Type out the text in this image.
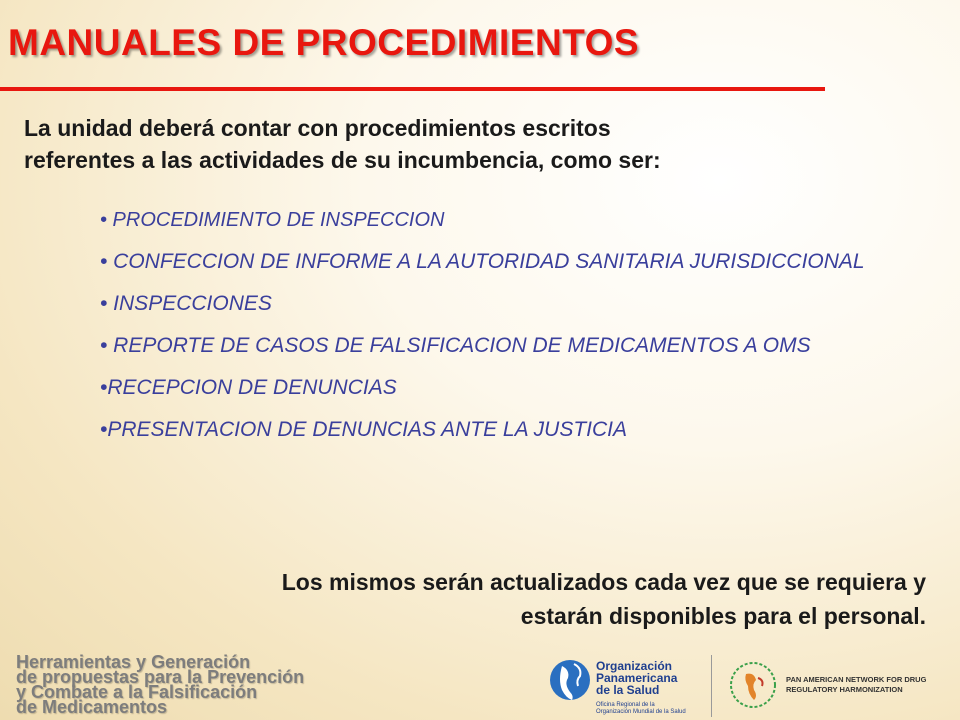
MANUALES DE PROCEDIMIENTOS
La unidad deberá contar con procedimientos escritos
referentes a las actividades de su incumbencia, como ser:
• PROCEDIMIENTO DE INSPECCION
• CONFECCION DE INFORME A LA AUTORIDAD SANITARIA JURISDICCIONAL
• INSPECCIONES
• REPORTE DE CASOS DE FALSIFICACION DE MEDICAMENTOS A OMS
•RECEPCION DE DENUNCIAS
•PRESENTACION DE DENUNCIAS ANTE LA JUSTICIA
Los mismos serán actualizados cada vez que se requiera y
estarán disponibles para el personal.
Herramientas y Generación
de propuestas para la Prevención
y Combate a la Falsificación
de Medicamentos
Organización
Panamericana
de la Salud
Oficina Regional de la
Organización Mundial de la Salud
PAN AMERICAN NETWORK FOR DRUG
REGULATORY HARMONIZATION
